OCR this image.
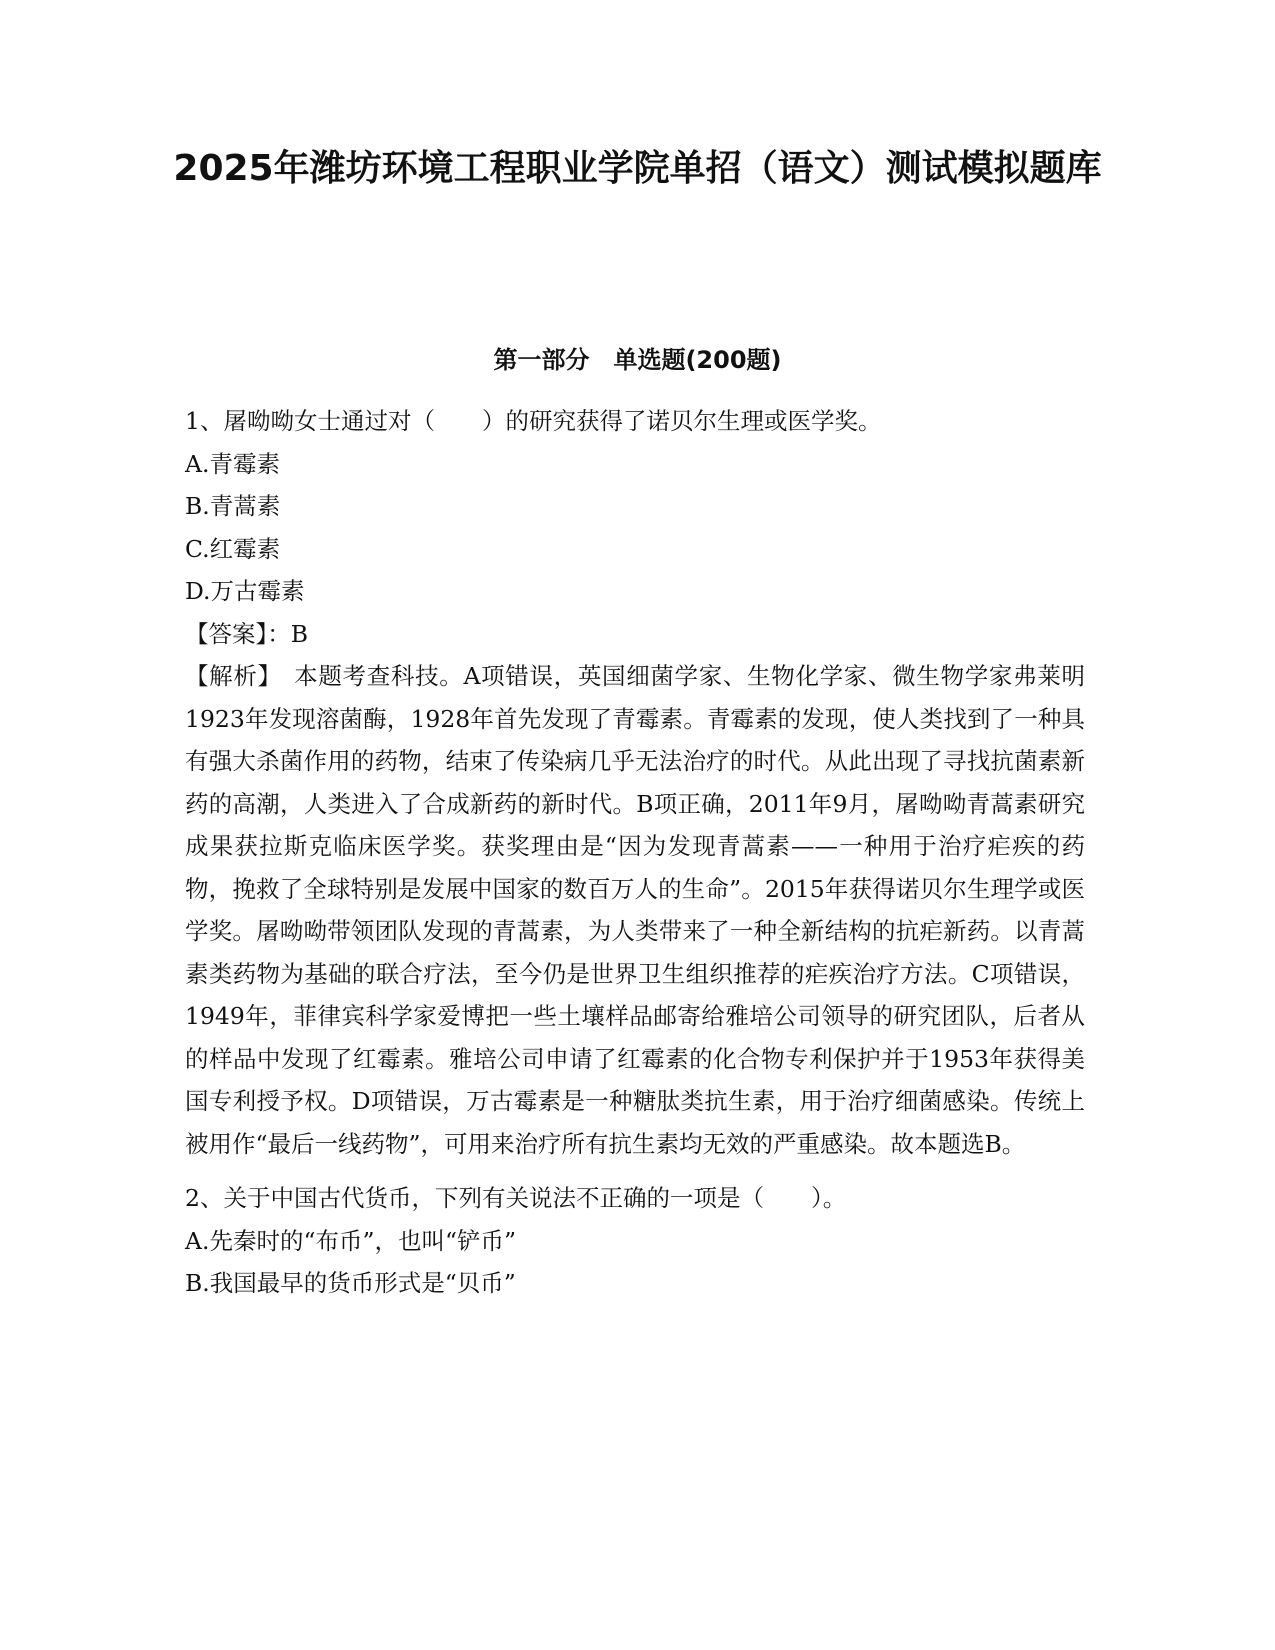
2025年潍坊环境工程职业学院单招（语文）测试模拟题库
第一部分　单选题(200题)
1、屠呦呦女士通过对（　　）的研究获得了诺贝尔生理或医学奖。
A.青霉素
B.青蒿素
C.红霉素
D.万古霉素
【答案】：B
【解析】　本题考查科技。A项错误，英国细菌学家、生物化学家、微生物学家弗莱明1923年发现溶菌酶，1928年首先发现了青霉素。青霉素的发现，使人类找到了一种具有强大杀菌作用的药物，结束了传染病几乎无法治疗的时代。从此出现了寻找抗菌素新药的高潮，人类进入了合成新药的新时代。B项正确，2011年9月，屠呦呦青蒿素研究成果获拉斯克临床医学奖。获奖理由是“因为发现青蒿素——一种用于治疗疟疾的药物，挽救了全球特别是发展中国家的数百万人的生命”。2015年获得诺贝尔生理学或医学奖。屠呦呦带领团队发现的青蒿素，为人类带来了一种全新结构的抗疟新药。以青蒿素类药物为基础的联合疗法，至今仍是世界卫生组织推荐的疟疾治疗方法。C项错误，1949年，菲律宾科学家爱博把一些土壤样品邮寄给雅培公司领导的研究团队，后者从的样品中发现了红霉素。雅培公司申请了红霉素的化合物专利保护并于1953年获得美国专利授予权。D项错误，万古霉素是一种糖肽类抗生素，用于治疗细菌感染。传统上被用作“最后一线药物”，可用来治疗所有抗生素均无效的严重感染。故本题选B。
2、关于中国古代货币，下列有关说法不正确的一项是（　　）。
A.先秦时的“布币”，也叫“铲币”
B.我国最早的货币形式是“贝币”
